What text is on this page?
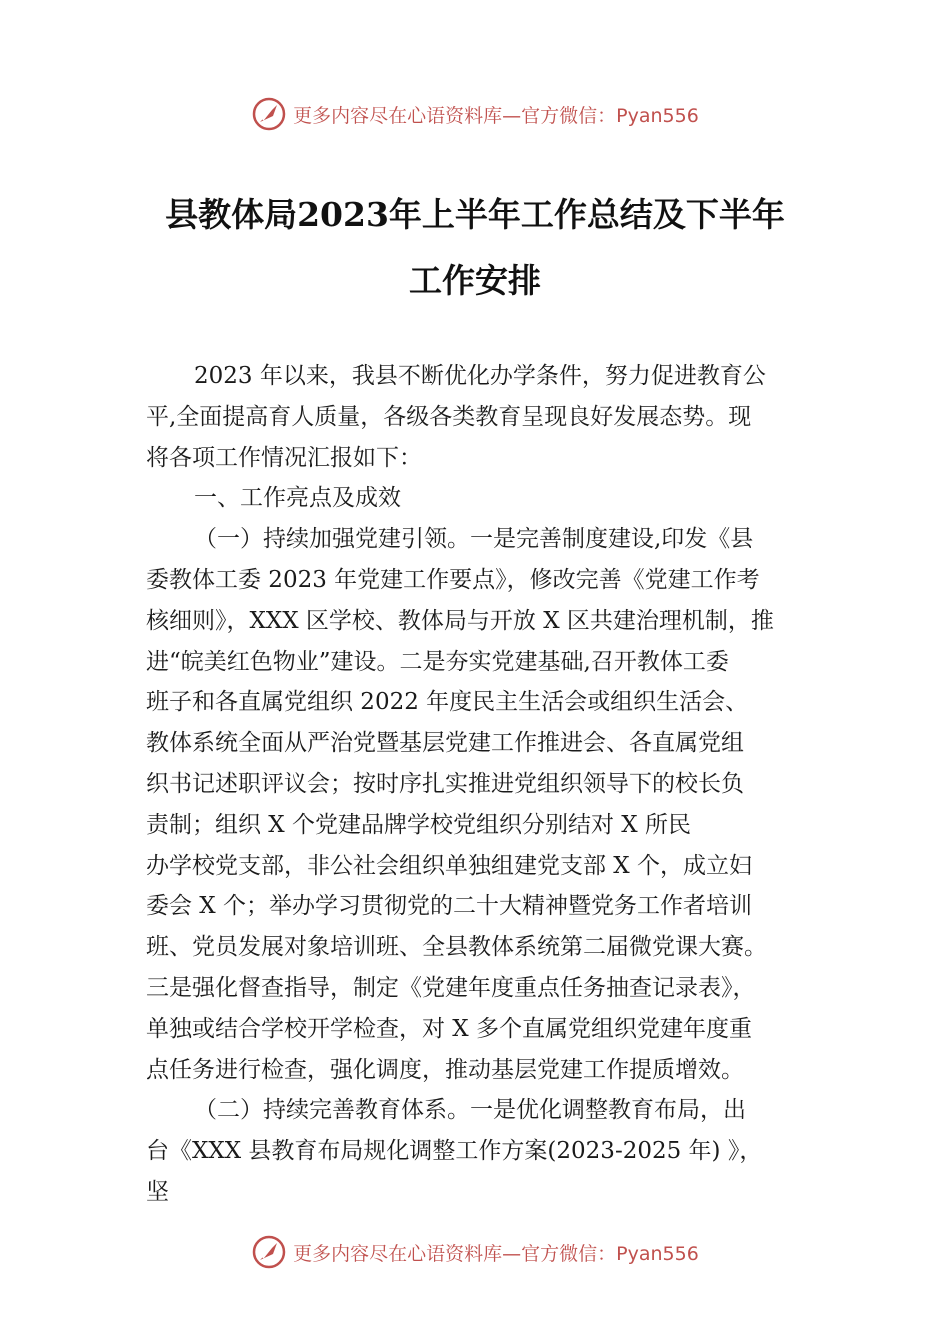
更多内容尽在心语资料库—官方微信：Pyan556
县教体局2023年上半年工作总结及下半年
工作安排

2023 年以来，我县不断优化办学条件，努力促进教育公

平,全面提高育人质量，各级各类教育呈现良好发展态势。现

将各项工作情况汇报如下：

一、工作亮点及成效

（一）持续加强党建引领。一是完善制度建设,印发《县

委教体工委 2023 年党建工作要点》，修改完善《党建工作考

核细则》，XXX 区学校、教体局与开放 X 区共建治理机制，推

进“皖美红色物业”建设。二是夯实党建基础,召开教体工委

班子和各直属党组织 2022 年度民主生活会或组织生活会、

教体系统全面从严治党暨基层党建工作推进会、各直属党组

织书记述职评议会；按时序扎实推进党组织领导下的校长负

责制；组织 X 个党建品牌学校党组织分别结对 X 所民

办学校党支部，非公社会组织单独组建党支部 X 个，成立妇

委会 X 个；举办学习贯彻党的二十大精神暨党务工作者培训

班、党员发展对象培训班、全县教体系统第二届微党课大赛。

三是强化督查指导，制定《党建年度重点任务抽查记录表》，

单独或结合学校开学检查，对 X 多个直属党组织党建年度重

点任务进行检查，强化调度，推动基层党建工作提质增效。

（二）持续完善教育体系。一是优化调整教育布局，出

台《XXX 县教育布局规化调整工作方案(2023-2025 年) 》，

坚

更多内容尽在心语资料库—官方微信：Pyan556
